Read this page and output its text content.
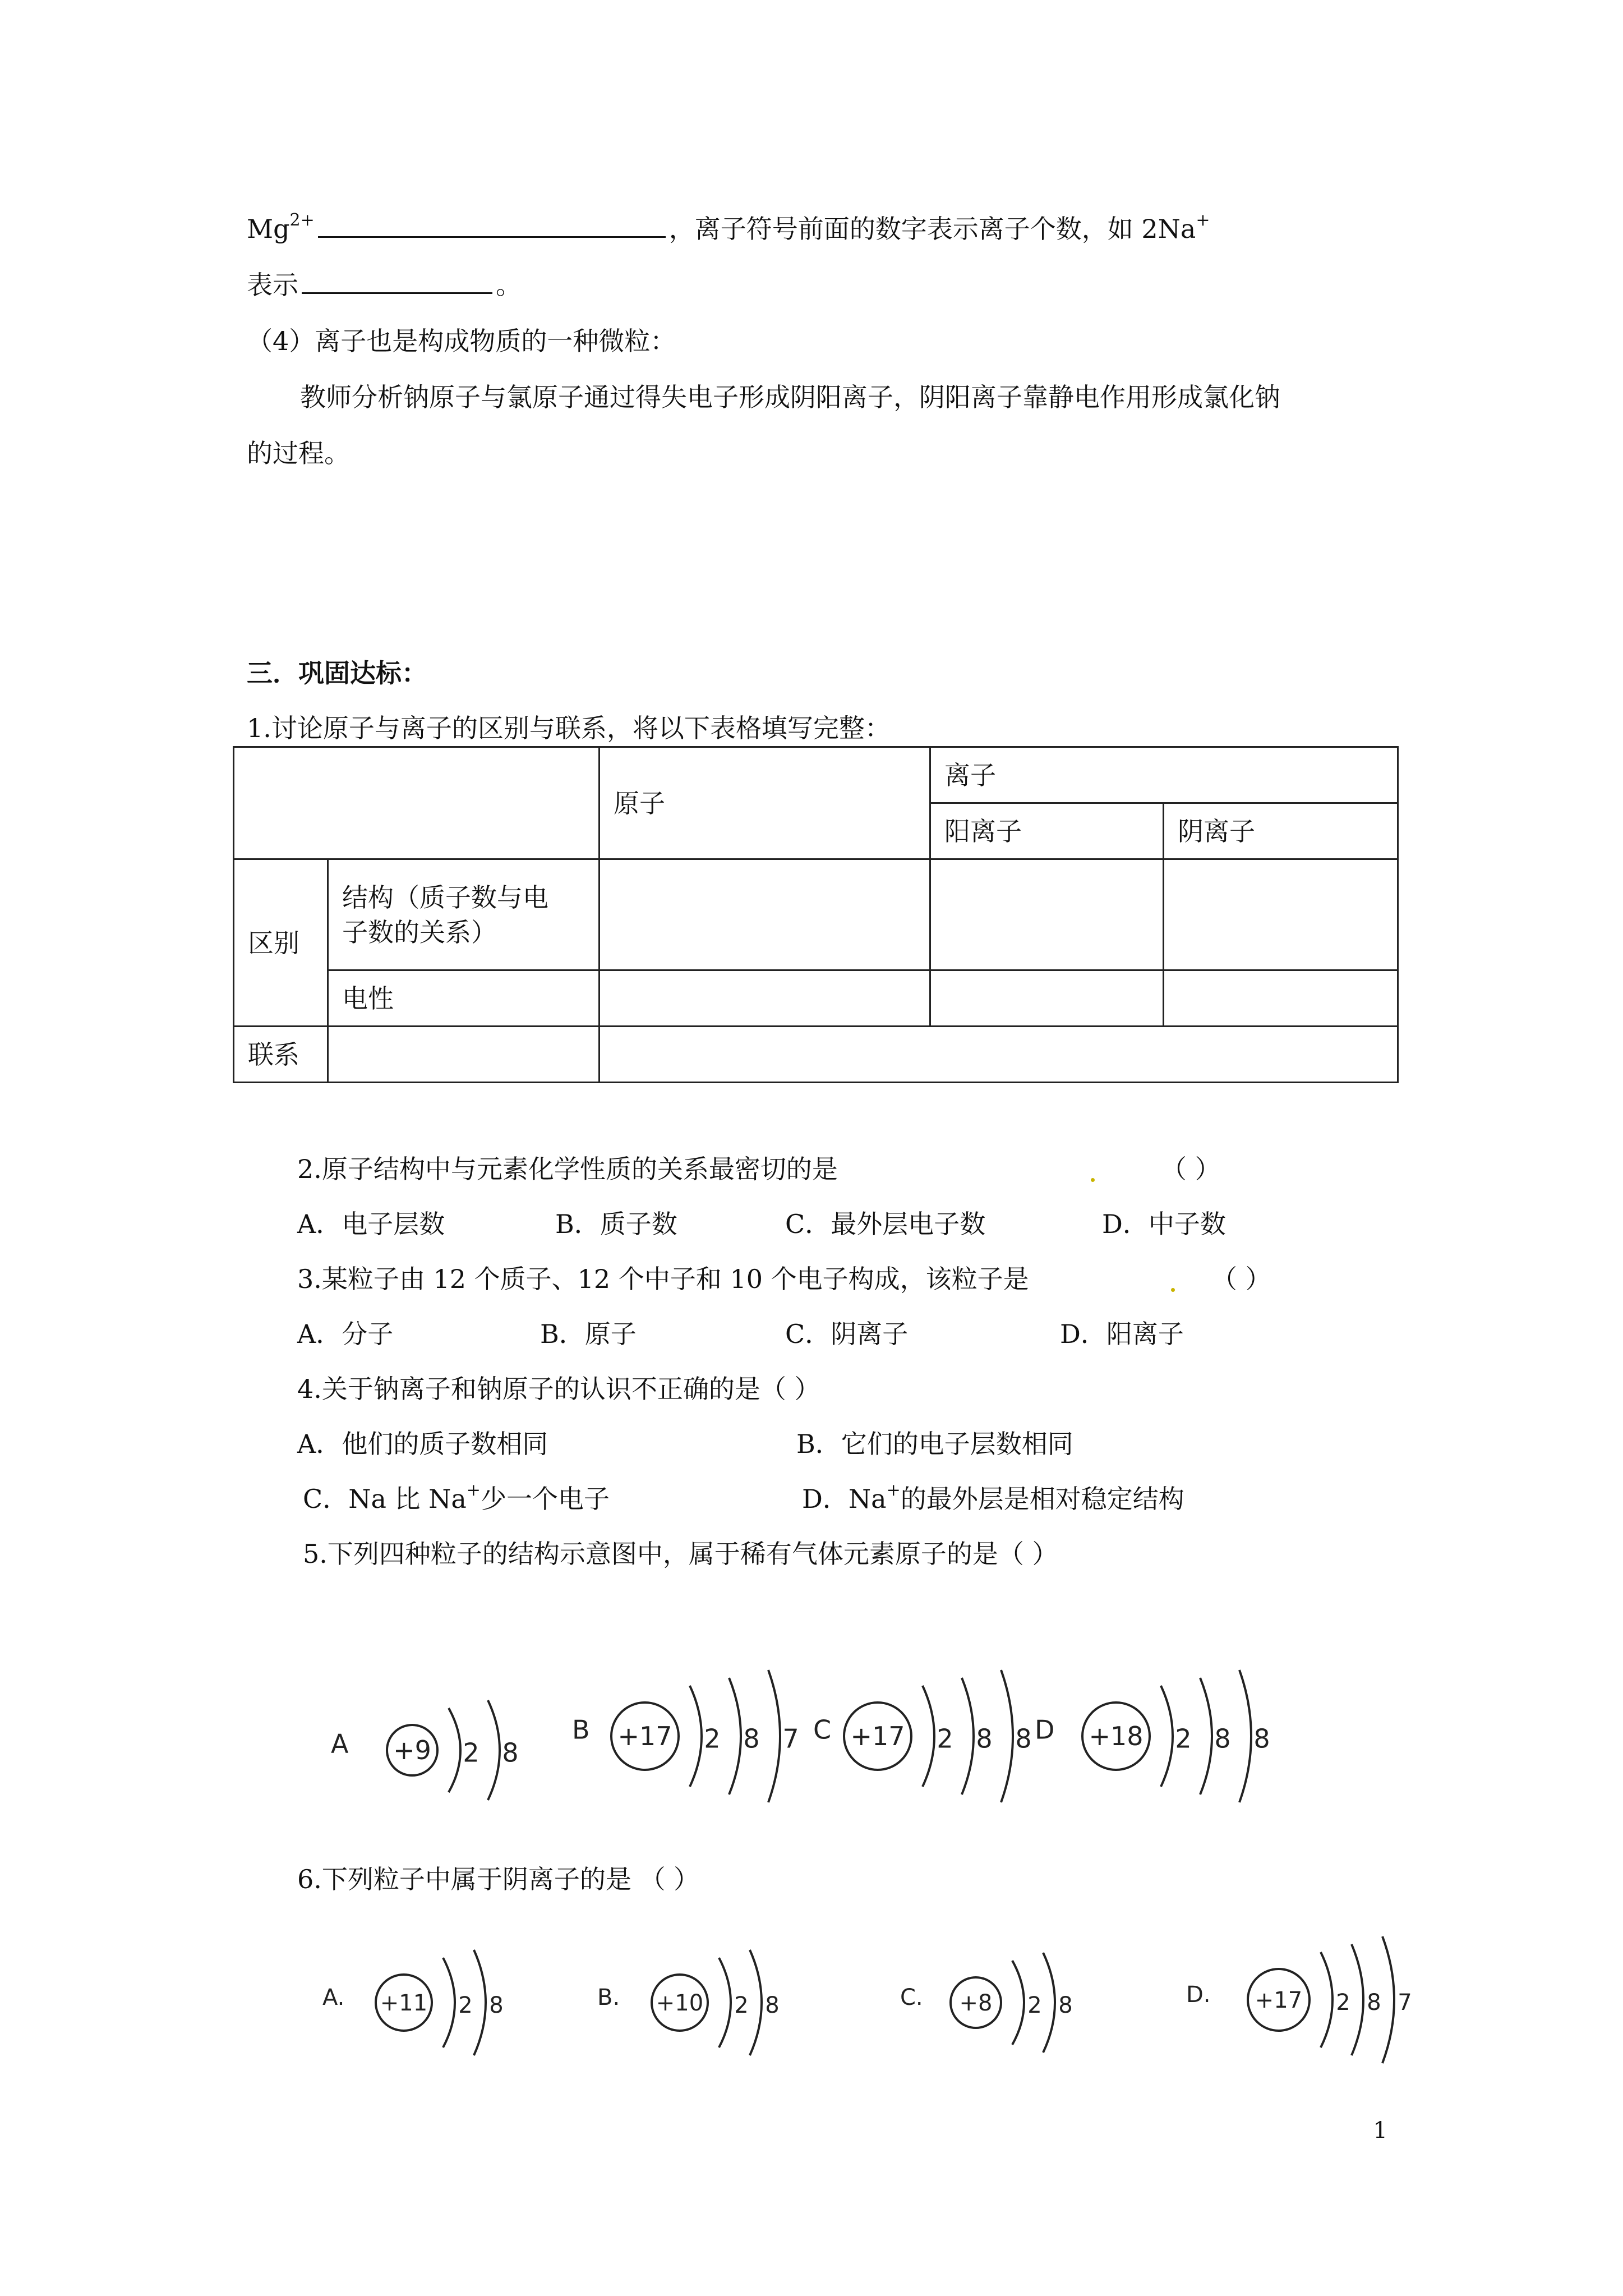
$Mg^{2+}$	，离子符号前面的数字表示离子个数，如 2Na+
表示	。
（4）离子也是构成物质的一种微粒：
教师分析钠原子与氯原子通过得失电子形成阴阳离子，阴阳离子靠静电作用形成氯化钠
的过程。
三．巩固达标：
1.讨论原子与离子的区别与联系，将以下表格填写完整：
		原子	离子	
			阳离子	阴离子
区别	结构（质子数与电
子数的关系）			
	电性			
联系				
2.原子结构中与元素化学性质的关系最密切的是	（ ）
A．电子层数	B．质子数	C．最外层电子数	D．中子数
3.某粒子由 12 个质子、12 个中子和 10 个电子构成，该粒子是	（ ）
A．分子	B．原子	C．阴离子	D．阳离子
4.关于钠离子和钠原子的认识不正确的是（ ）
A．他们的质子数相同	B．它们的电子层数相同
C．Na 比 Na+少一个电子	D．Na+的最外层是相对稳定结构
5.下列四种粒子的结构示意图中，属于稀有气体元素原子的是（ ）
A +9 2 8
B +17 2 8 7 C +17 2 8 8 D +18 2 8 8
6.下列粒子中属于阴离子的是 （ ）
A. +11 2 8	B. +10 2 8	C. +8 2 8	D. +17 2 8 7
1
